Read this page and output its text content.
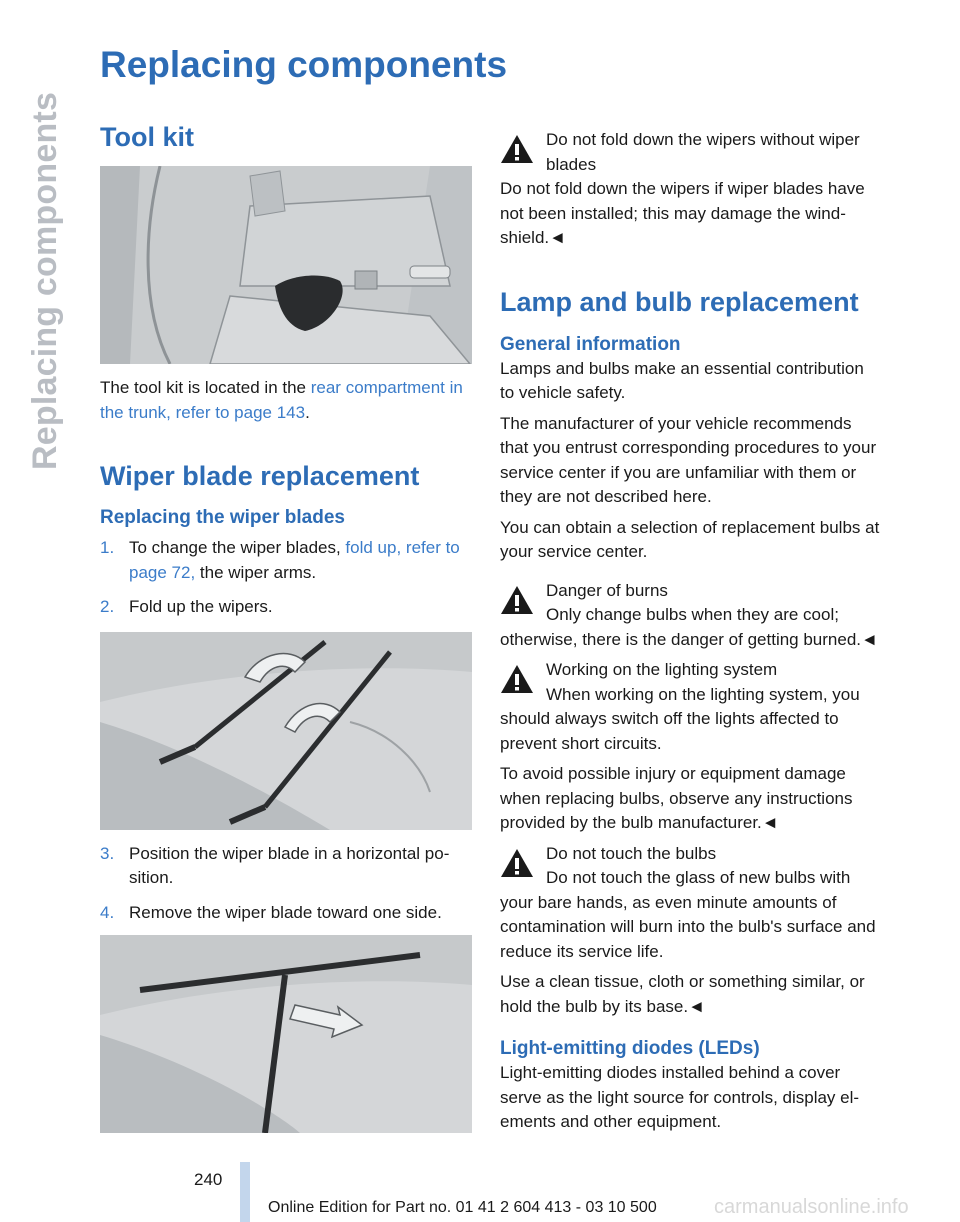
Replacing components
Replacing components
Tool kit

The tool kit is located in the rear compartment in the trunk, refer to page 143.

Wiper blade replacement
Replacing the wiper blades
1. To change the wiper blades, fold up, refer to page 72, the wiper arms.
2. Fold up the wipers.
3. Position the wiper blade in a horizontal po-sition.
4. Remove the wiper blade toward one side.

Do not fold down the wipers without wiper blades

Do not fold down the wipers if wiper blades have not been installed; this may damage the wind-shield.◄

Lamp and bulb replacement
General information

Lamps and bulbs make an essential contribution to vehicle safety.

The manufacturer of your vehicle recommends that you entrust corresponding procedures to your service center if you are unfamiliar with them or they are not described here.

You can obtain a selection of replacement bulbs at your service center.

Danger of burns

Only change bulbs when they are cool; otherwise, there is the danger of getting burned.◄

Working on the lighting system

When working on the lighting system, you should always switch off the lights affected to prevent short circuits.

To avoid possible injury or equipment damage when replacing bulbs, observe any instructions provided by the bulb manufacturer.◄

Do not touch the bulbs

Do not touch the glass of new bulbs with your bare hands, as even minute amounts of contamination will burn into the bulb's surface and reduce its service life.

Use a clean tissue, cloth or something similar, or hold the bulb by its base.◄

Light-emitting diodes (LEDs)

Light-emitting diodes installed behind a cover serve as the light source for controls, display el-ements and other equipment.

240
Online Edition for Part no. 01 41 2 604 413 - 03 10 500	carmanualsonline.info
